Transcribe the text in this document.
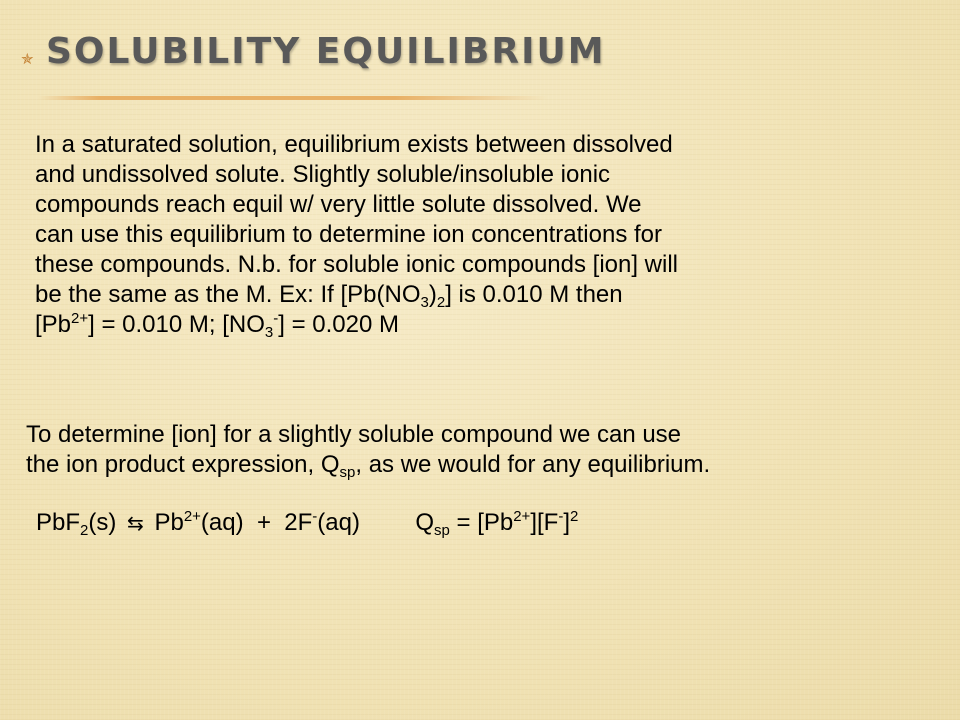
✯ SOLUBILITY EQUILIBRIUM
In a saturated solution, equilibrium exists between dissolved
and undissolved solute. Slightly soluble/insoluble ionic
compounds reach equil w/ very little solute dissolved. We
can use this equilibrium to determine ion concentrations for
these compounds. N.b. for soluble ionic compounds [ion] will
be the same as the M. Ex: If $[Pb(NO_3)_2]$ is 0.010 M then
$[Pb^{2+}] = 0.010$ M; $[NO_3^-] = 0.020$ M
To determine [ion] for a slightly soluble compound we can use
the ion product expression, $Q_{sp}$, as we would for any equilibrium.
PbF$_2$(s) ⇆ $Pb^{2+}(aq) + 2F^-(aq) Q_{sp} = [Pb^{2+}][F^-]^2$
